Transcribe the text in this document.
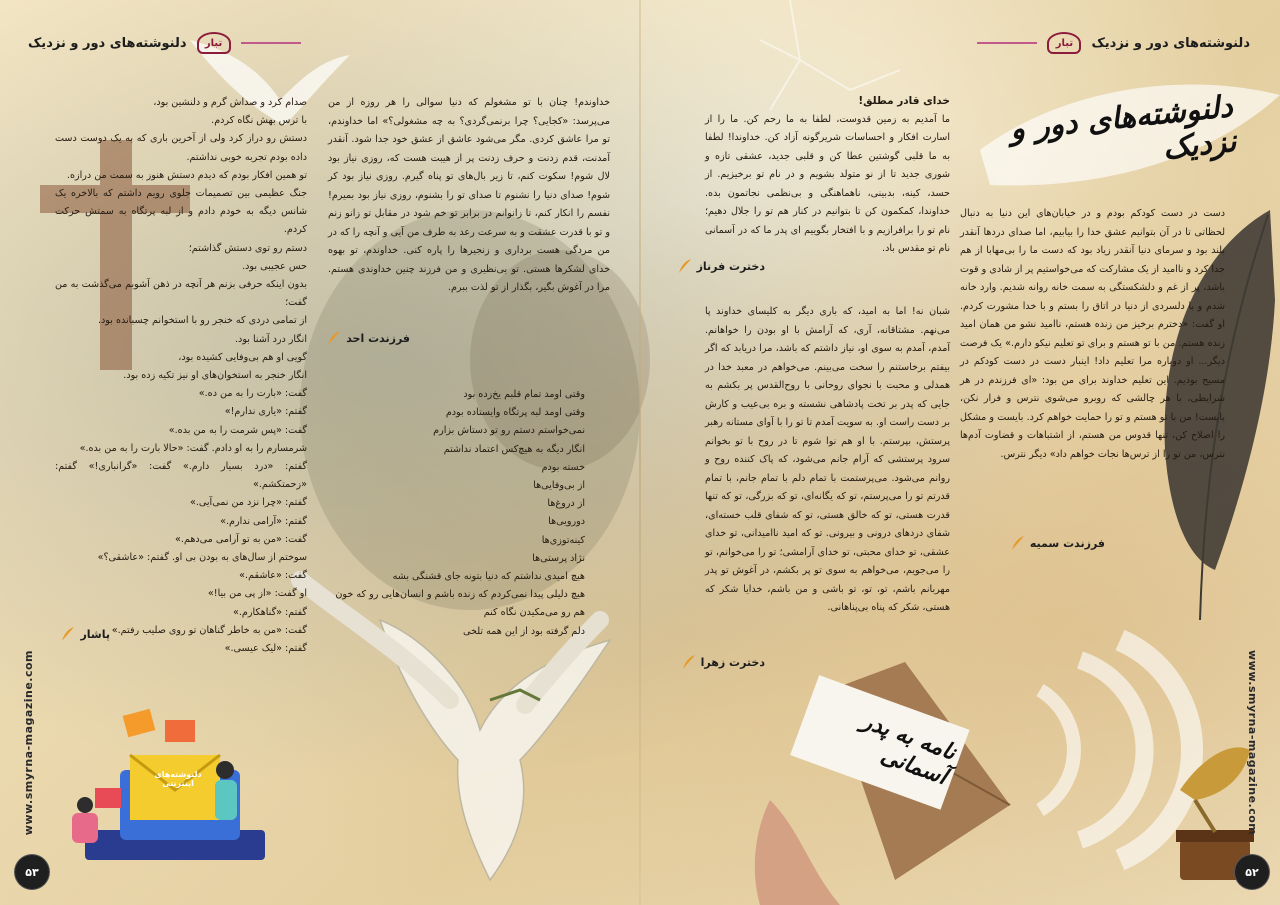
دلنوشته‌های دور و نزدیک تبار	تبار دلنوشته‌های دور و نزدیک
دلنوشته‌های دور و نزدیک

دست در دست کودکم بودم و در خیابان‌های این دنیا به دنبال لحظاتی تا در آن بتوانیم عشق خدا را بیابیم، اما صدای دردها آنقدر بلند بود و سرمای دنیا آنقدر زیاد بود که دست ما را بی‌مهابا از هم جدا کرد و ناامید از یک مشارکت که می‌خواستیم پر از شادی و قوت باشد، پر از غم و دلشکستگی به سمت خانه روانه شدیم. وارد خانه شدم و با دلسردی از دنیا در اتاق را بستم و با خدا مشورت کردم. او گفت: «دخترم برخیز من زنده هستم، ناامید نشو من همان امید زنده هستم. من با تو هستم و برای تو تعلیم نیکو دارم.» یک فرصت دیگر... او دوباره مرا تعلیم داد! اینبار دست در دست کودکم در مسیح بودیم. این تعلیم خداوند برای من بود: «ای فرزندم در هر شرایطی، با هر چالشی که روبرو می‌شوی نترس و فرار نکن، بایست! من با تو هستم و تو را حمایت خواهم کرد. بایست و مشکل را اصلاح کن، تنها قدوس من هستم، از اشتباهات و قضاوت آدم‌ها نترس، من تو را از ترس‌ها نجات خواهم داد» دیگر نترس.

فرزندت سمیه

خدای قادر مطلق!

ما آمدیم به زمین قدوست، لطفا به ما رحم کن. ما را از اسارت افکار و احساسات شریرگونه آزاد کن. خداوندا! لطفا به ما قلبی گوشتین عطا کن و قلبی جدید، عشقی تازه و شوری جدید تا از نو متولد بشویم و در نام تو برخیزیم. از حسد، کینه، بدبینی، ناهماهنگی و بی‌نظمی نجاتمون بده. خداوندا، کمکمون کن تا بتوانیم در کنار هم تو را جلال دهیم؛ نام تو را برافرازیم و با افتخار بگوییم ای پدر ما که در آسمانی نام تو مقدس باد.

دخترت فرناز

شبان نه! اما به امید، که باری دیگر به کلیسای خداوند پا می‌نهم. مشتاقانه، آری، که آرامش با او بودن را خواهانم. آمدم، آمدم به سوی او، نیاز داشتم که باشد، مرا دریابد که اگر بیفتم برخاستنم را سخت می‌بینم. می‌خواهم در معبد خدا در همدلی و محبت با نجوای روحانی با روح‌القدس پر بکشم به جایی که پدر بر تخت پادشاهی نشسته و بره بی‌عیب و کارش بر دست راست او. به سویت آمدم تا تو را با آوای مستانه رهبر پرستش، بپرستم. با او هم نوا شوم تا در روح با تو بخوانم سرود پرستشی که آرام جانم می‌شود، که پاک کننده روح و روانم می‌شود. می‌پرستمت با تمام دلم با تمام جانم، با تمام قدرتم تو را می‌پرستم، تو که یگانه‌ای، تو که بزرگی، تو که تنها قدرت هستی، تو که خالق هستی، تو که شفای قلب خسته‌ای، شفای دردهای درونی و بیرونی. تو که امید ناامیدانی، تو خدای عشقی، تو خدای محبتی، تو خدای آرامشی؛ تو را می‌خوانم، تو را می‌جویم، می‌خواهم به سوی تو پر بکشم، در آغوش تو پدر مهربانم باشم، تو، تو، تو باشی و من باشم، خدایا شکر که هستی، شکر که پناه بی‌پناهانی.

دخترت زهرا
نامه به پدر آسمانی

خداوندم! چنان با تو مشغولم که دنیا سوالی را هر روزه از من می‌پرسد: «کجایی؟ چرا برنمی‌گردی؟ به چه مشغولی؟» اما خداوندم، تو مرا عاشق کردی. مگر می‌شود عاشق از عشق خود جدا شود. آنقدر آمدنت، قدم زدنت و حرف زدنت پر از هیبت هست که، روزی نیاز بود لال شوم! سکوت کنم، تا زیر بال‌های تو پناه گیرم. روزی نیاز بود کر شوم! صدای دنیا را نشنوم تا صدای تو را بشنوم، روزی نیاز بود بمیرم! نفسم را انکار کنم، تا زانوانم در برابر تو خم شود در مقابل تو زانو زنم و تو با قدرت عشقت و به سرعت رعد به طرف من آیی و آنچه را که در من مردگی هست برداری و زنجیرها را پاره کنی. خداوندم، تو بهوه خدای لشکرها هستی. تو بی‌نظیری و من فرزند چنین خداوندی هستم. مرا در آغوش بگیر، بگذار از تو لذت ببرم.

فرزندت احد

وقتی اومد تمام قلبم یخ‌زده بود

وقتی اومد لبه پرتگاه وایستاده بودم

نمی‌خواستم دستم رو تو دستاش بزارم

انگار دیگه به هیچ‌کس اعتماد نداشتم

خسته بودم

از بی‌وفایی‌ها

از دروغ‌ها

دورویی‌ها

کینه‌توزی‌ها

نژاد پرستی‌ها

هیچ امیدی نداشتم که دنیا بتونه جای قشنگی بشه

هیچ دلیلی پیدا نمی‌کردم که زنده باشم و انسان‌هایی رو که خون

هم رو می‌مکیدن نگاه کنم

دلم گرفته بود از این همه تلخی

صدام کرد و صداش گرم و دلنشین بود،

با ترس بهش نگاه کردم.

دستش رو دراز کرد ولی از آخرین باری که به یک دوست دست داده بودم تجربه خوبی نداشتم.

تو همین افکار بودم که دیدم دستش هنوز به سمت من درازه.

جنگ عظیمی بین تصمیمات جلوی رویم داشتم که بالاخره یک شانس دیگه به خودم دادم و از لبه پرتگاه به سمتش حرکت کردم.

دستم رو توی دستش گذاشتم؛

حس عجیبی بود.

بدون اینکه حرفی بزنم هر آنچه در ذهن آشوبم می‌گذشت به من گفت؛

از تمامی دردی که خنجر رو با استخوانم چسبانده بود.

انگار درد آشنا بود.

گویی او هم بی‌وفایی کشیده بود،

انگار خنجر به استخوان‌های او نیز تکیه زده بود.

گفت: «بارت را به من ده.»

گفتم: «یاری ندارم!»

گفت: «پس شرمت را به من بده.»

شرمسارم را به او دادم. گفت: «حالا بارت را به من بده.»

گفتم: «درد بسیار دارم.» گفت: «گرانباری!» گفتم: «زحمتکشم.»

گفتم: «چرا نزد من نمی‌آیی.»

گفتم: «آرامی ندارم.»

گفت: «من به تو آرامی می‌دهم.»

سوختم از سال‌های به بودن بی او. گفتم: «عاشقی؟»

گفت: «عاشقم.»

او گفت: «از پی من بیا!»

گفتم: «گناهکارم.»

گفت: «من به خاطر گناهان تو روی صلیب رفتم.»

گفتم: «لیک عیسی.»

پاشار
دلنوشته‌های اینترنتی
www.smyrna-magazine.com	www.smyrna-magazine.com
۵۳	۵۲
